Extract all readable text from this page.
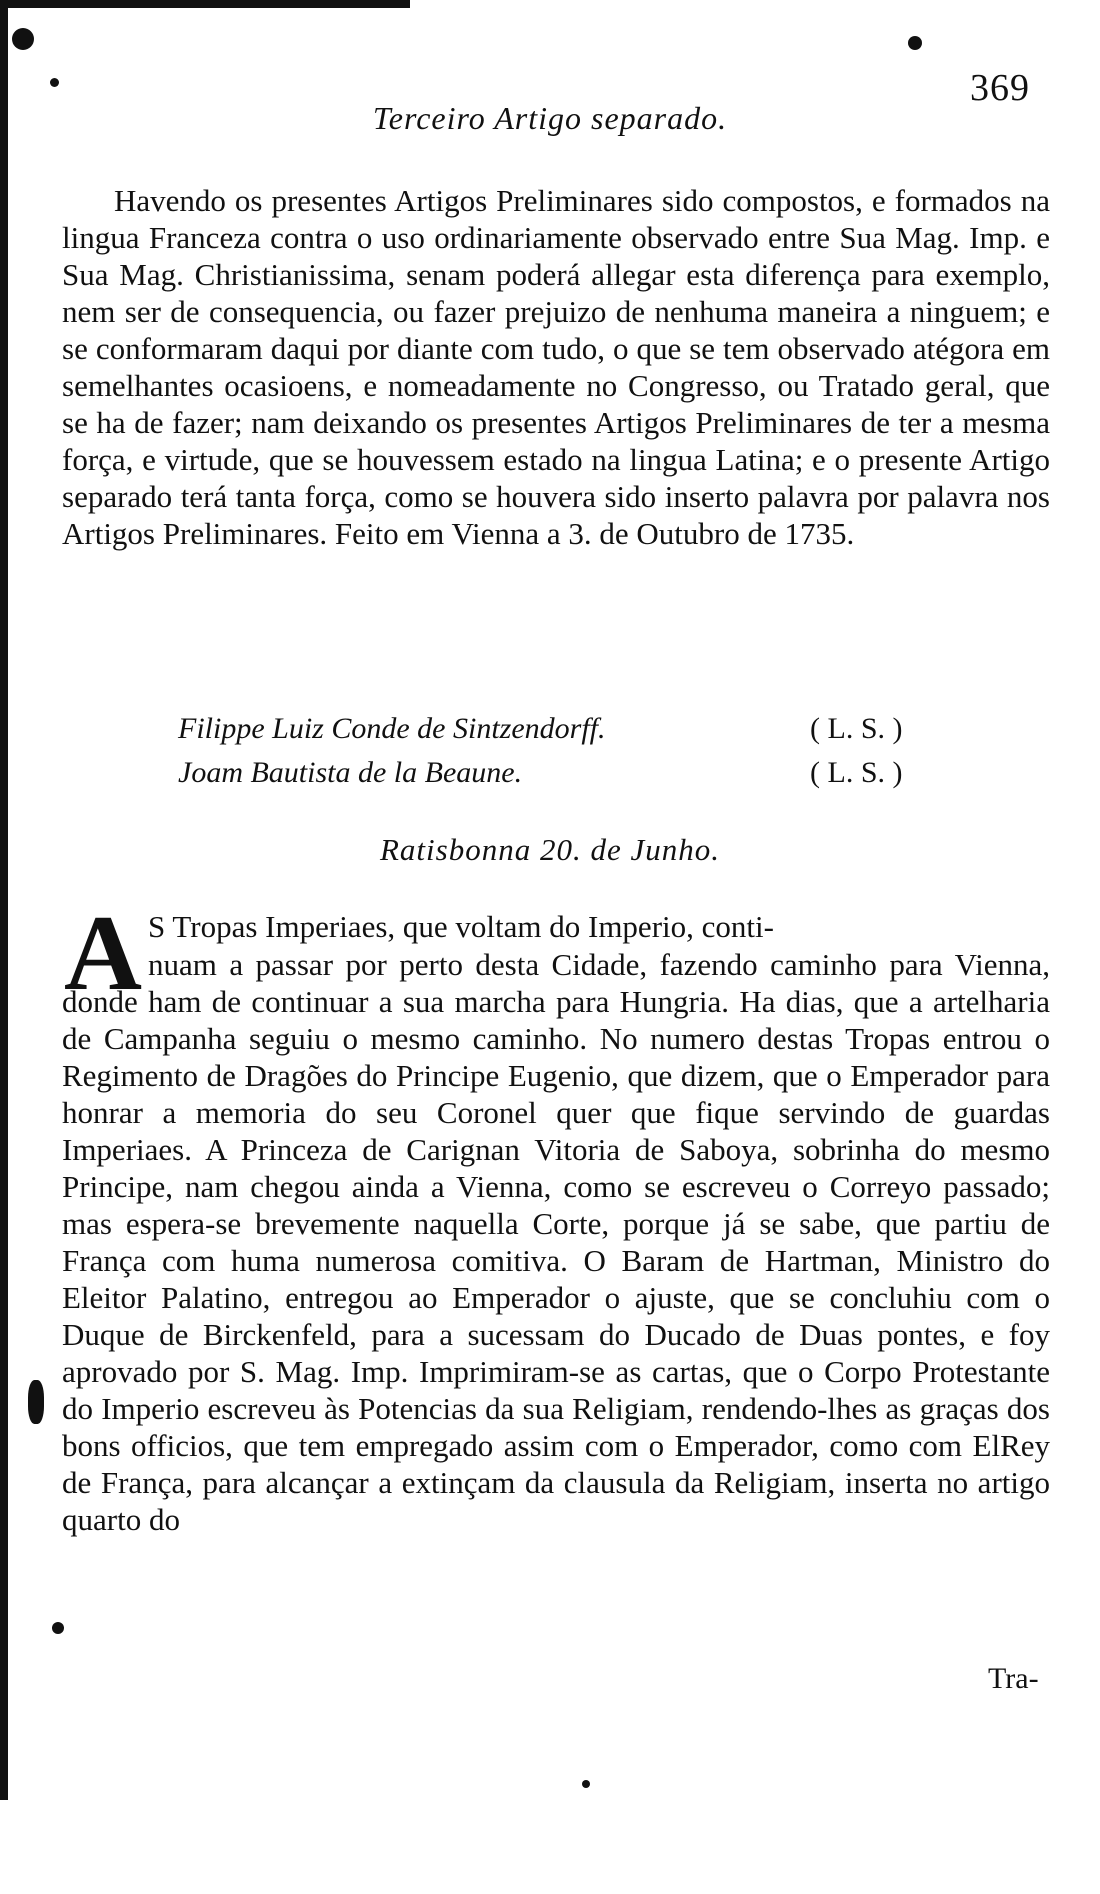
369
Terceiro Artigo separado.

Havendo os presentes Artigos Preliminares sido compostos, e formados na lingua Franceza contra o uso ordinariamente observado entre Sua Mag. Imp. e Sua Mag. Christianissima, senam poderá allegar esta diferença para exemplo, nem ser de consequencia, ou fazer prejuizo de nenhuma maneira a ninguem; e se conformaram daqui por diante com tudo, o que se tem observado atégora em semelhantes ocasioens, e nomeadamente no Congresso, ou Tratado geral, que se ha de fazer; nam deixando os presentes Artigos Preliminares de ter a mesma força, e virtude, que se houvessem estado na lingua Latina; e o presente Artigo separado terá tanta força, como se houvera sido inserto palavra por palavra nos Artigos Preliminares. Feito em Vienna a 3. de Outubro de 1735.

Filippe Luiz Conde de Sintzendorff.	( L. S. )
Joam Bautista de la Beaune.	( L. S. )
Ratisbonna 20. de Junho.
A S Tropas Imperiaes, que voltam do Imperio, conti-

nuam a passar por perto desta Cidade, fazendo caminho para Vienna, donde ham de continuar a sua marcha para Hungria. Ha dias, que a artelharia de Campanha seguiu o mesmo caminho. No numero destas Tropas entrou o Regimento de Dragões do Principe Eugenio, que dizem, que o Emperador para honrar a memoria do seu Coronel quer que fique servindo de guardas Imperiaes. A Princeza de Carignan Vitoria de Saboya, sobrinha do mesmo Principe, nam chegou ainda a Vienna, como se escreveu o Correyo passado; mas espera-se brevemente naquella Corte, porque já se sabe, que partiu de França com huma numerosa comitiva. O Baram de Hartman, Ministro do Eleitor Palatino, entregou ao Emperador o ajuste, que se concluhiu com o Duque de Birckenfeld, para a sucessam do Ducado de Duas pontes, e foy aprovado por S. Mag. Imp. Imprimiram-se as cartas, que o Corpo Protestante do Imperio escreveu às Potencias da sua Religiam, rendendo-lhes as graças dos bons officios, que tem empregado assim com o Emperador, como com ElRey de França, para alcançar a extinçam da clausula da Religiam, inserta no artigo quarto do

Tra-
